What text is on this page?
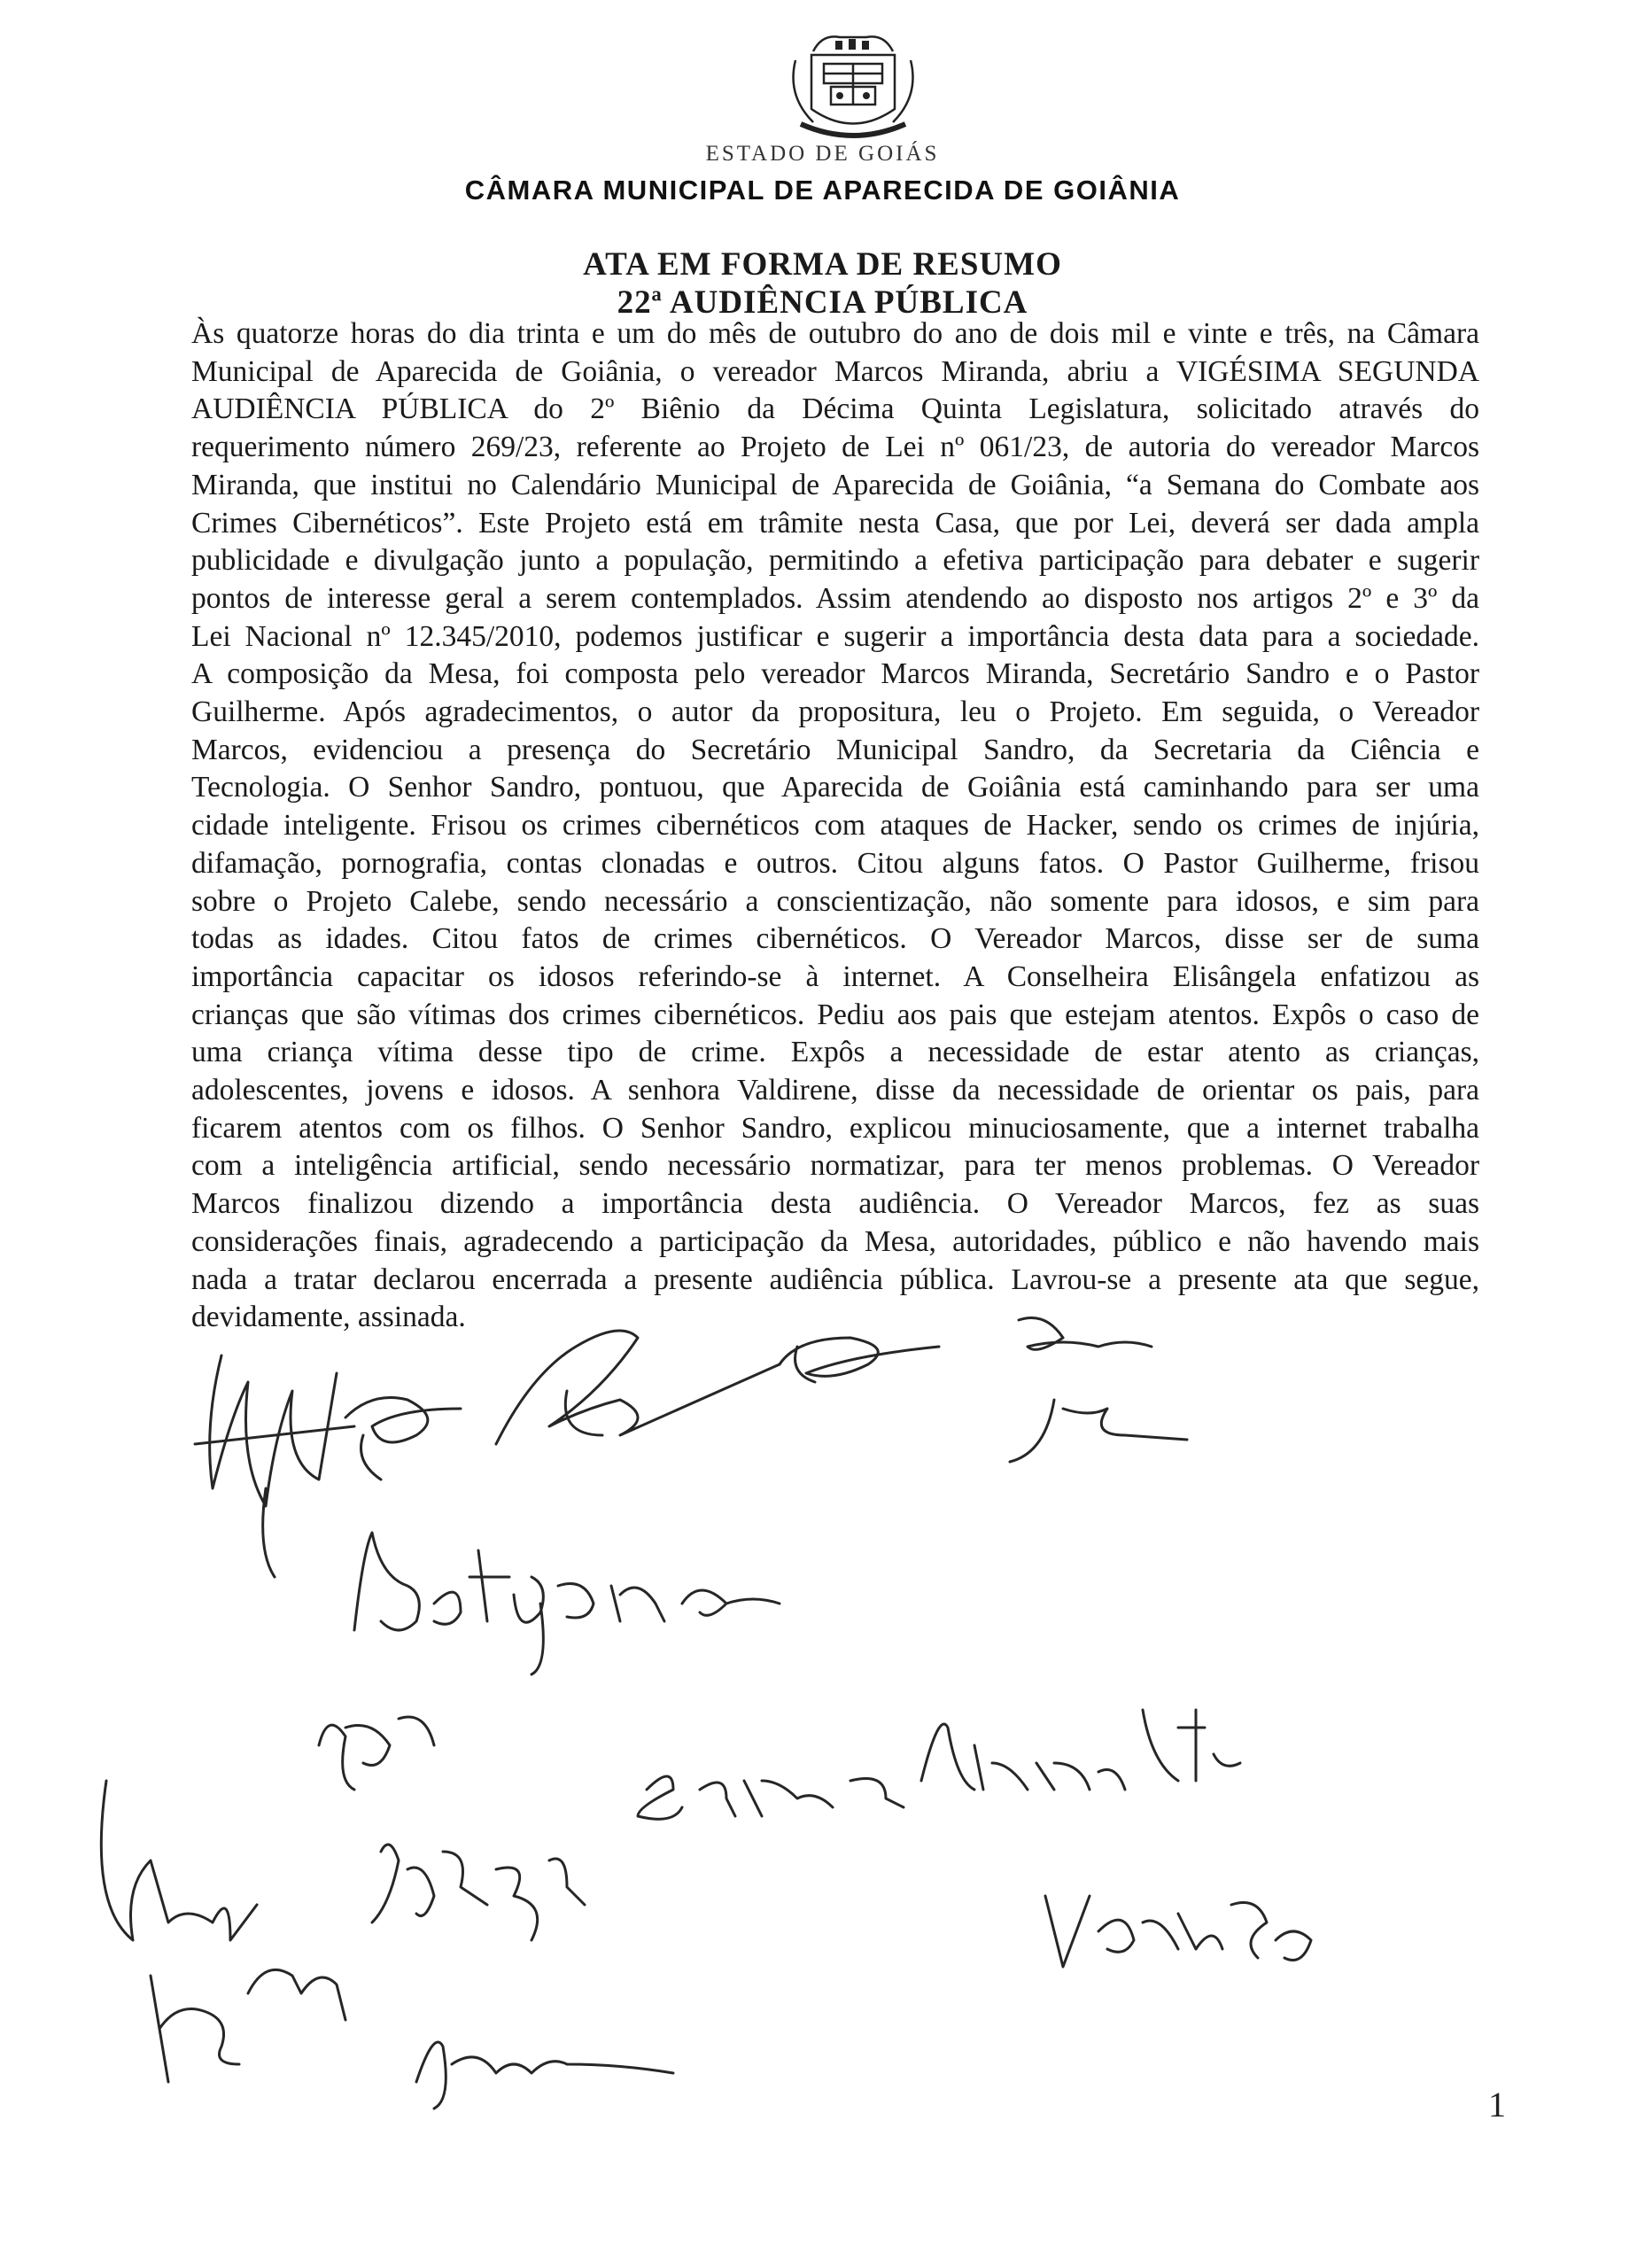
ESTADO DE GOIÁS
CÂMARA MUNICIPAL DE APARECIDA DE GOIÂNIA
ATA EM FORMA DE RESUMO
22ª AUDIÊNCIA PÚBLICA
Às quatorze horas do dia trinta e um do mês de outubro do ano de dois mil e vinte e três, na Câmara
Municipal de Aparecida de Goiânia, o vereador Marcos Miranda, abriu a VIGÉSIMA SEGUNDA
AUDIÊNCIA PÚBLICA do 2º Biênio da Décima Quinta Legislatura, solicitado através do
requerimento número 269/23, referente ao Projeto de Lei nº 061/23, de autoria do vereador Marcos
Miranda, que institui no Calendário Municipal de Aparecida de Goiânia, “a Semana do Combate aos
Crimes Cibernéticos”. Este Projeto está em trâmite nesta Casa, que por Lei, deverá ser dada ampla
publicidade e divulgação junto a população, permitindo a efetiva participação para debater e sugerir
pontos de interesse geral a serem contemplados. Assim atendendo ao disposto nos artigos 2º e 3º da
Lei Nacional nº 12.345/2010, podemos justificar e sugerir a importância desta data para a sociedade.
A composição da Mesa, foi composta pelo vereador Marcos Miranda, Secretário Sandro e o Pastor
Guilherme. Após agradecimentos, o autor da propositura, leu o Projeto. Em seguida, o Vereador
Marcos, evidenciou a presença do Secretário Municipal Sandro, da Secretaria da Ciência e
Tecnologia. O Senhor Sandro, pontuou, que Aparecida de Goiânia está caminhando para ser uma
cidade inteligente. Frisou os crimes cibernéticos com ataques de Hacker, sendo os crimes de injúria,
difamação, pornografia, contas clonadas e outros. Citou alguns fatos. O Pastor Guilherme, frisou
sobre o Projeto Calebe, sendo necessário a conscientização, não somente para idosos, e sim para
todas as idades. Citou fatos de crimes cibernéticos. O Vereador Marcos, disse ser de suma
importância capacitar os idosos referindo-se à internet. A Conselheira Elisângela enfatizou as
crianças que são vítimas dos crimes cibernéticos. Pediu aos pais que estejam atentos. Expôs o caso de
uma criança vítima desse tipo de crime. Expôs a necessidade de estar atento as crianças,
adolescentes, jovens e idosos. A senhora Valdirene, disse da necessidade de orientar os pais, para
ficarem atentos com os filhos. O Senhor Sandro, explicou minuciosamente, que a internet trabalha
com a inteligência artificial, sendo necessário normatizar, para ter menos problemas. O Vereador
Marcos finalizou dizendo a importância desta audiência. O Vereador Marcos, fez as suas
considerações finais, agradecendo a participação da Mesa, autoridades, público e não havendo mais
nada a tratar declarou encerrada a presente audiência pública. Lavrou-se a presente ata que segue,
devidamente, assinada.
1
